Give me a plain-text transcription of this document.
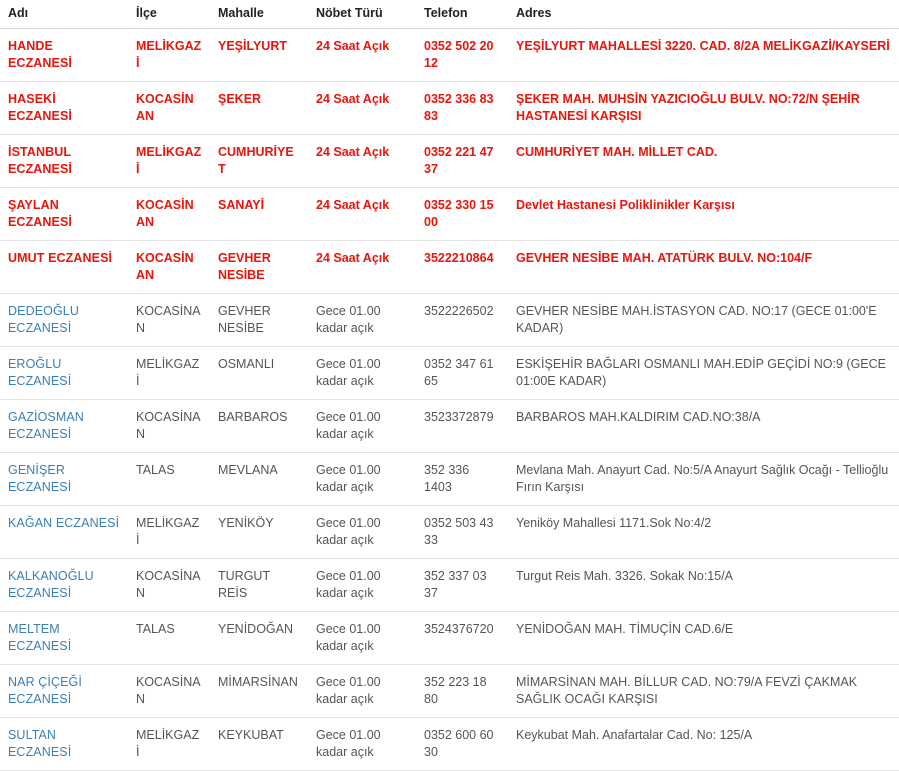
Adı	İlçe	Mahalle	Nöbet Türü	Telefon	Adres
HANDE ECZANESİ	MELİKGAZİ	YEŞİLYURT	24 Saat Açık	0352 502 20 12	YEŞİLYURT MAHALLESİ 3220. CAD. 8/2A MELİKGAZİ/KAYSERİ
HASEKİ ECZANESİ	KOCASİNAN	ŞEKER	24 Saat Açık	0352 336 83 83	ŞEKER MAH. MUHSİN YAZICIOĞLU BULV. NO:72/N ŞEHİR HASTANESİ KARŞISI
İSTANBUL ECZANESİ	MELİKGAZİ	CUMHURİYET	24 Saat Açık	0352 221 47 37	CUMHURİYET MAH. MİLLET CAD.
ŞAYLAN ECZANESİ	KOCASİNAN	SANAYİ	24 Saat Açık	0352 330 15 00	Devlet Hastanesi Poliklinikler Karşısı
UMUT ECZANESİ	KOCASİNAN	GEVHER NESİBE	24 Saat Açık	3522210864	GEVHER NESİBE MAH. ATATÜRK BULV. NO:104/F
DEDEOĞLU ECZANESİ	KOCASİNAN	GEVHER NESİBE	Gece 01.00 kadar açık	3522226502	GEVHER NESİBE MAH.İSTASYON CAD. NO:17 (GECE 01:00'E KADAR)
EROĞLU ECZANESİ	MELİKGAZİ	OSMANLI	Gece 01.00 kadar açık	0352 347 61 65	ESKİŞEHİR BAĞLARI OSMANLI MAH.EDİP GEÇİDİ NO:9 (GECE 01:00E KADAR)
GAZİOSMAN ECZANESİ	KOCASİNAN	BARBAROS	Gece 01.00 kadar açık	3523372879	BARBAROS MAH.KALDIRIM CAD.NO:38/A
GENİŞER ECZANESİ	TALAS	MEVLANA	Gece 01.00 kadar açık	352 336 1403	Mevlana Mah. Anayurt Cad. No:5/A Anayurt Sağlık Ocağı - Tellioğlu Fırın Karşısı
KAĞAN ECZANESİ	MELİKGAZİ	YENİKÖY	Gece 01.00 kadar açık	0352 503 43 33	Yeniköy Mahallesi 1171.Sok No:4/2
KALKANOĞLU ECZANESİ	KOCASİNAN	TURGUT REİS	Gece 01.00 kadar açık	352 337 03 37	Turgut Reis Mah. 3326. Sokak No:15/A
MELTEM ECZANESİ	TALAS	YENİDOĞAN	Gece 01.00 kadar açık	3524376720	YENİDOĞAN MAH. TİMUÇİN CAD.6/E
NAR ÇİÇEĞİ ECZANESİ	KOCASİNAN	MİMARSİNAN	Gece 01.00 kadar açık	352 223 18 80	MİMARSİNAN MAH. BİLLUR CAD. NO:79/A FEVZİ ÇAKMAK SAĞLIK OCAĞI KARŞISI
SULTAN ECZANESİ	MELİKGAZİ	KEYKUBAT	Gece 01.00 kadar açık	0352 600 60 30	Keykubat Mah. Anafartalar Cad. No: 125/A
